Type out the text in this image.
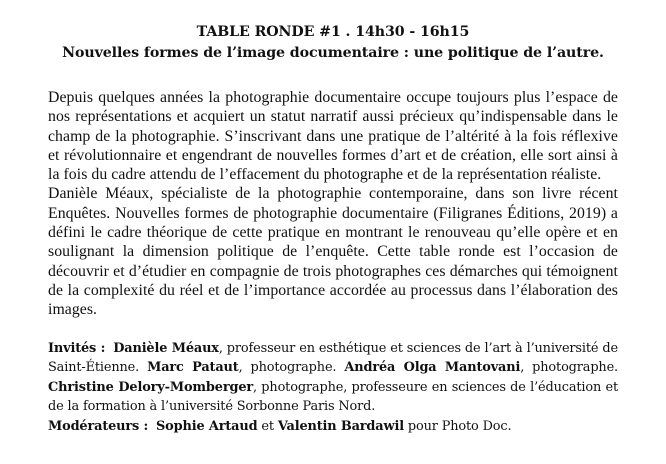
TABLE RONDE #1 . 14h30 - 16h15
Nouvelles formes de l’image documentaire : une politique de l’autre.

Depuis quelques années la photographie documentaire occupe toujours plus l’espace de nos représentations et acquiert un statut narratif aussi précieux qu’indispensable dans le champ de la photographie. S’inscrivant dans une pratique de l’altérité à la fois réflexive et révolutionnaire et engendrant de nouvelles formes d’art et de création, elle sort ainsi à la fois du cadre attendu de l’effacement du photographe et de la représentation réaliste.

Danièle Méaux, spécialiste de la photographie contemporaine, dans son livre récent Enquêtes. Nouvelles formes de photographie documentaire (Filigranes Éditions, 2019) a défini le cadre théorique de cette pratique en montrant le renouveau qu’elle opère et en soulignant la dimension politique de l’enquête. Cette table ronde est l’occasion de découvrir et d’étudier en compagnie de trois photographes ces démarches qui témoignent de la complexité du réel et de l’importance accordée au processus dans l’élaboration des images.

Invités : Danièle Méaux, professeur en esthétique et sciences de l’art à l’université de Saint-Étienne. Marc Pataut, photographe. Andréa Olga Mantovani, photographe. Christine Delory-Momberger, photographe, professeure en sciences de l’éducation et de la formation à l’université Sorbonne Paris Nord.

Modérateurs : Sophie Artaud et Valentin Bardawil pour Photo Doc.
